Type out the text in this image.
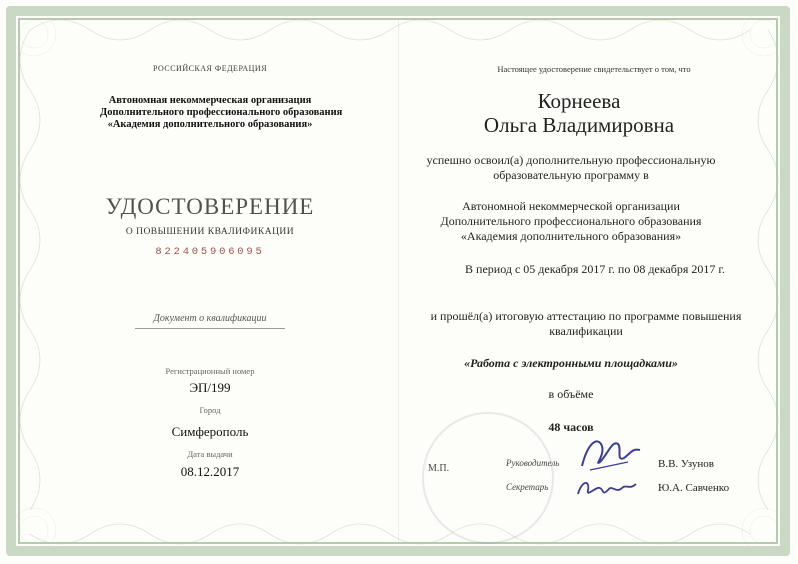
РОССИЙСКАЯ ФЕДЕРАЦИЯ
Автономная некоммерческая организация
Дополнительного профессионального образования
«Академия дополнительного образования»
УДОСТОВЕРЕНИЕ
О ПОВЫШЕНИИ КВАЛИФИКАЦИИ
822405906095
Документ о квалификации
Регистрационный номер
ЭП/199
Город
Симферополь
Дата выдачи
08.12.2017
Настоящее удостоверение свидетельствует о том, что
Корнеева
Ольга Владимировна
успешно освоил(а) дополнительную профессиональную
образовательную программу в
Автономной некоммерческой организации
Дополнительного профессионального образования
«Академия дополнительного образования»
В период с 05 декабря 2017 г. по 08 декабря 2017 г.
и прошёл(а) итоговую аттестацию по программе повышения
квалификации
«Работа с электронными площадками»
в объёме
48 часов
М.П.	Руководитель	В.В. Узунов
Секретарь	Ю.А. Савченко
